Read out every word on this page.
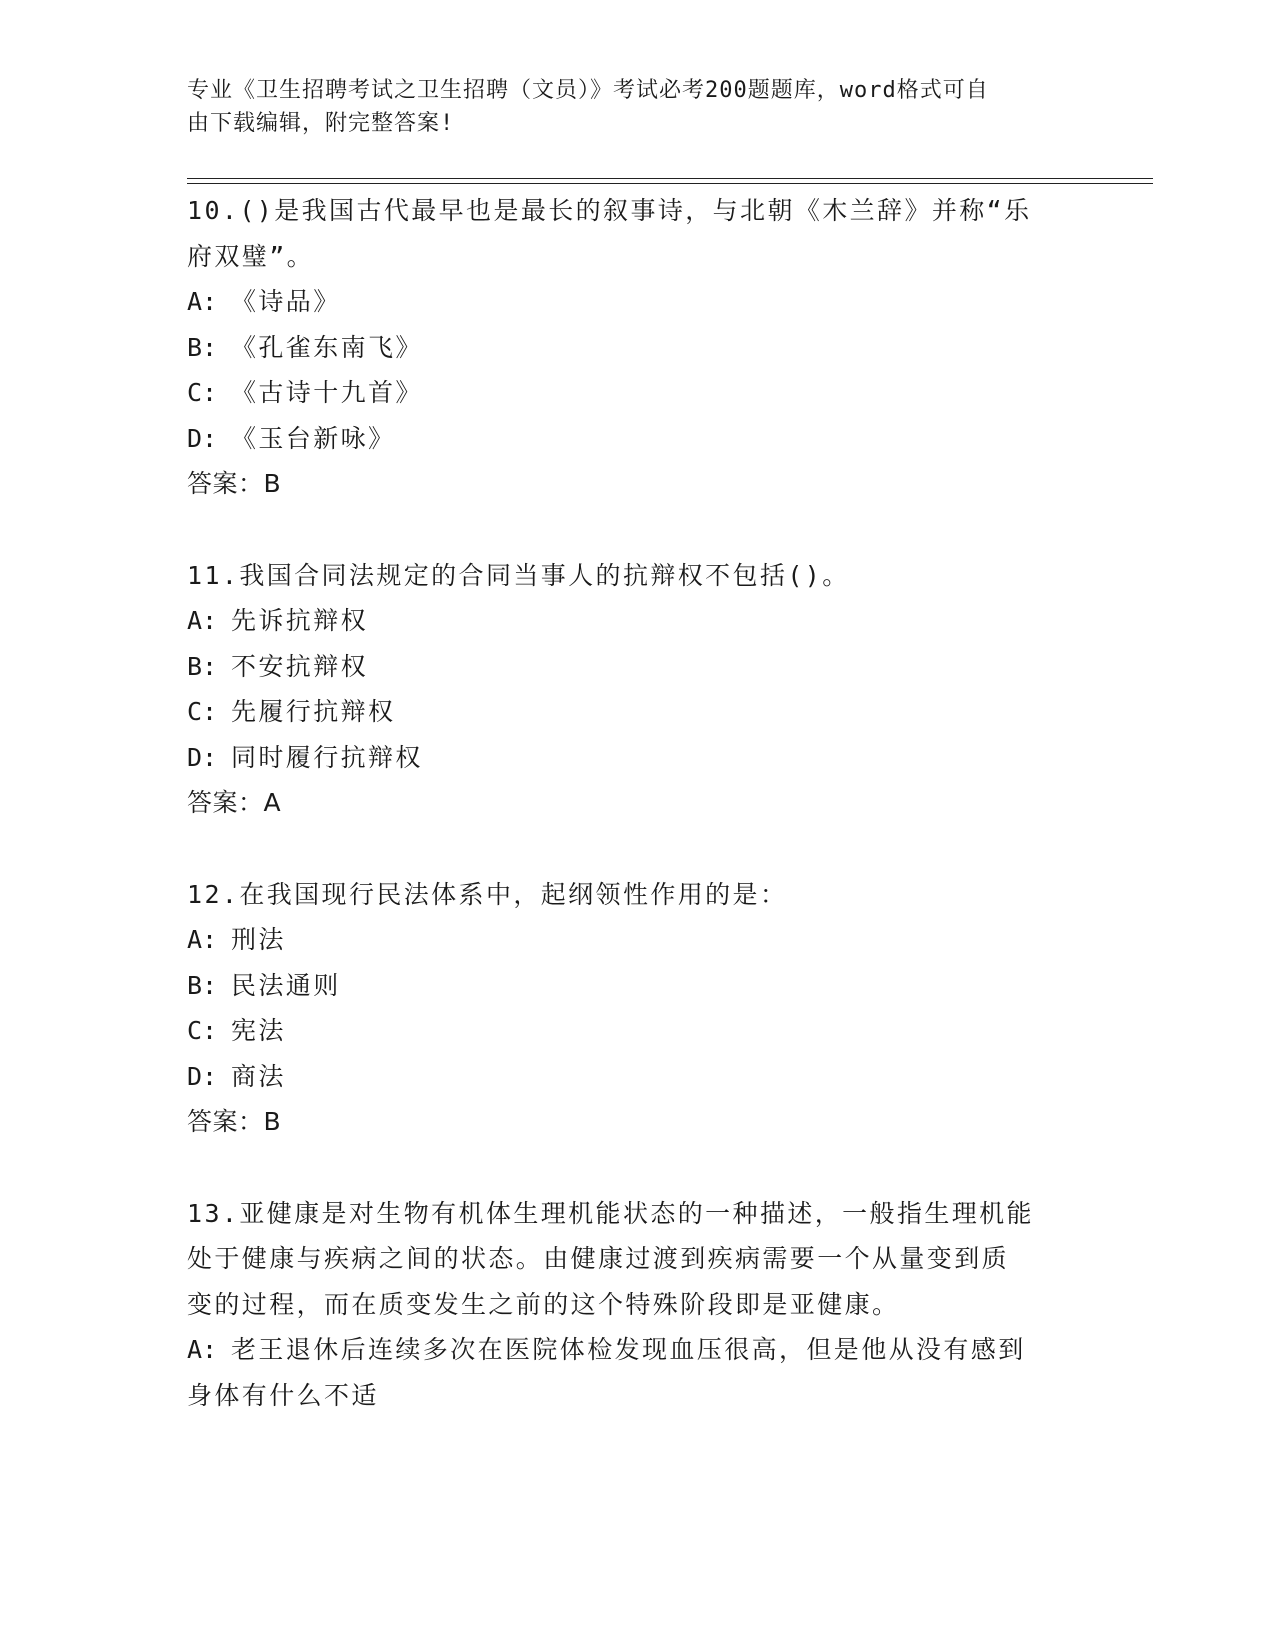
专业《卫生招聘考试之卫生招聘（文员）》考试必考200题题库，word格式可自
由下载编辑，附完整答案!
10.()是我国古代最早也是最长的叙事诗，与北朝《木兰辞》并称“乐
府双璧”。
A: 《诗品》
B: 《孔雀东南飞》
C: 《古诗十九首》
D: 《玉台新咏》
答案：B
11.我国合同法规定的合同当事人的抗辩权不包括()。
A: 先诉抗辩权
B: 不安抗辩权
C: 先履行抗辩权
D: 同时履行抗辩权
答案：A
12.在我国现行民法体系中，起纲领性作用的是：
A: 刑法
B: 民法通则
C: 宪法
D: 商法
答案：B
13.亚健康是对生物有机体生理机能状态的一种描述，一般指生理机能
处于健康与疾病之间的状态。由健康过渡到疾病需要一个从量变到质
变的过程，而在质变发生之前的这个特殊阶段即是亚健康。
A: 老王退休后连续多次在医院体检发现血压很高，但是他从没有感到
身体有什么不适
